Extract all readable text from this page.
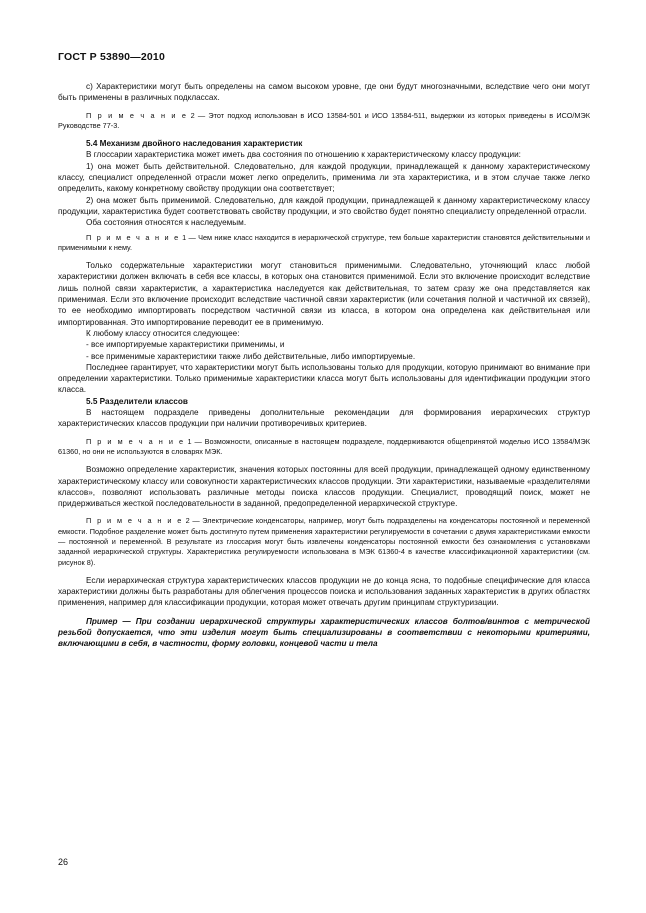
ГОСТ Р 53890—2010

с) Характеристики могут быть определены на самом высоком уровне, где они будут многозначными, вследствие чего они могут быть применены в различных подклассах.

П р и м е ч а н и е 2 — Этот подход использован в ИСО 13584-501 и ИСО 13584-511, выдержки из которых приведены в ИСО/МЭК Руководстве 77-3.

5.4 Механизм двойного наследования характеристик

В глоссарии характеристика может иметь два состояния по отношению к характеристическому классу продукции:

1) она может быть действительной. Следовательно, для каждой продукции, принадлежащей к данному характеристическому классу, специалист определенной отрасли может легко определить, применима ли эта характеристика, и в этом случае также легко определить, какому конкретному свойству продукции она соответствует;

2) она может быть применимой. Следовательно, для каждой продукции, принадлежащей к данному характеристическому классу продукции, характеристика будет соответствовать свойству продукции, и это свойство будет понятно специалисту определенной отрасли.

Оба состояния относятся к наследуемым.

П р и м е ч а н и е 1 — Чем ниже класс находится в иерархической структуре, тем больше характеристик становятся действительными и применимыми к нему.

Только содержательные характеристики могут становиться применимыми. Следовательно, уточняющий класс любой характеристики должен включать в себя все классы, в которых она становится применимой. Если это включение происходит вследствие лишь полной связи характеристик, а характеристика наследуется как действительная, то затем сразу же она представляется как применимая. Если это включение происходит вследствие частичной связи характеристик (или сочетания полной и частичной их связей), то ее необходимо импортировать посредством частичной связи из класса, в котором она определена как действительная или импортированная. Это импортирование переводит ее в применимую.

К любому классу относится следующее:

- все импортируемые характеристики применимы, и

- все применимые характеристики также либо действительные, либо импортируемые.

Последнее гарантирует, что характеристики могут быть использованы только для продукции, которую принимают во внимание при определении характеристики. Только применимые характеристики класса могут быть использованы для идентификации продукции этого класса.

5.5 Разделители классов

В настоящем подразделе приведены дополнительные рекомендации для формирования иерархических структур характеристических классов продукции при наличии противоречивых критериев.

П р и м е ч а н и е 1 — Возможности, описанные в настоящем подразделе, поддерживаются общепринятой моделью ИСО 13584/МЭК 61360, но они не используются в словарях МЭК.

Возможно определение характеристик, значения которых постоянны для всей продукции, принадлежащей одному единственному характеристическому классу или совокупности характеристических классов продукции. Эти характеристики, называемые «разделителями классов», позволяют использовать различные методы поиска классов продукции. Специалист, проводящий поиск, может не придерживаться жесткой последовательности в заданной, предопределенной иерархической структуре.

П р и м е ч а н и е 2 — Электрические конденсаторы, например, могут быть подразделены на конденсаторы постоянной и переменной емкости. Подобное разделение может быть достигнуто путем применения характеристики регулируемости в сочетании с двумя характеристиками емкости — постоянной и переменной. В результате из глоссария могут быть извлечены конденсаторы постоянной емкости без ознакомления с установками заданной иерархической структуры. Характеристика регулируемости использована в МЭК 61360-4 в качестве классификационной характеристики (см. рисунок 8).

Если иерархическая структура характеристических классов продукции не до конца ясна, то подобные специфические для класса характеристики должны быть разработаны для облегчения процессов поиска и использования заданных характеристик в других областях применения, например для классификации продукции, которая может отвечать другим принципам структуризации.

Пример — При создании иерархической структуры характеристических классов болтов/винтов с метрической резьбой допускается, что эти изделия могут быть специализированы в соответствии с некоторыми критериями, включающими в себя, в частности, форму головки, концевой части и тела

26
